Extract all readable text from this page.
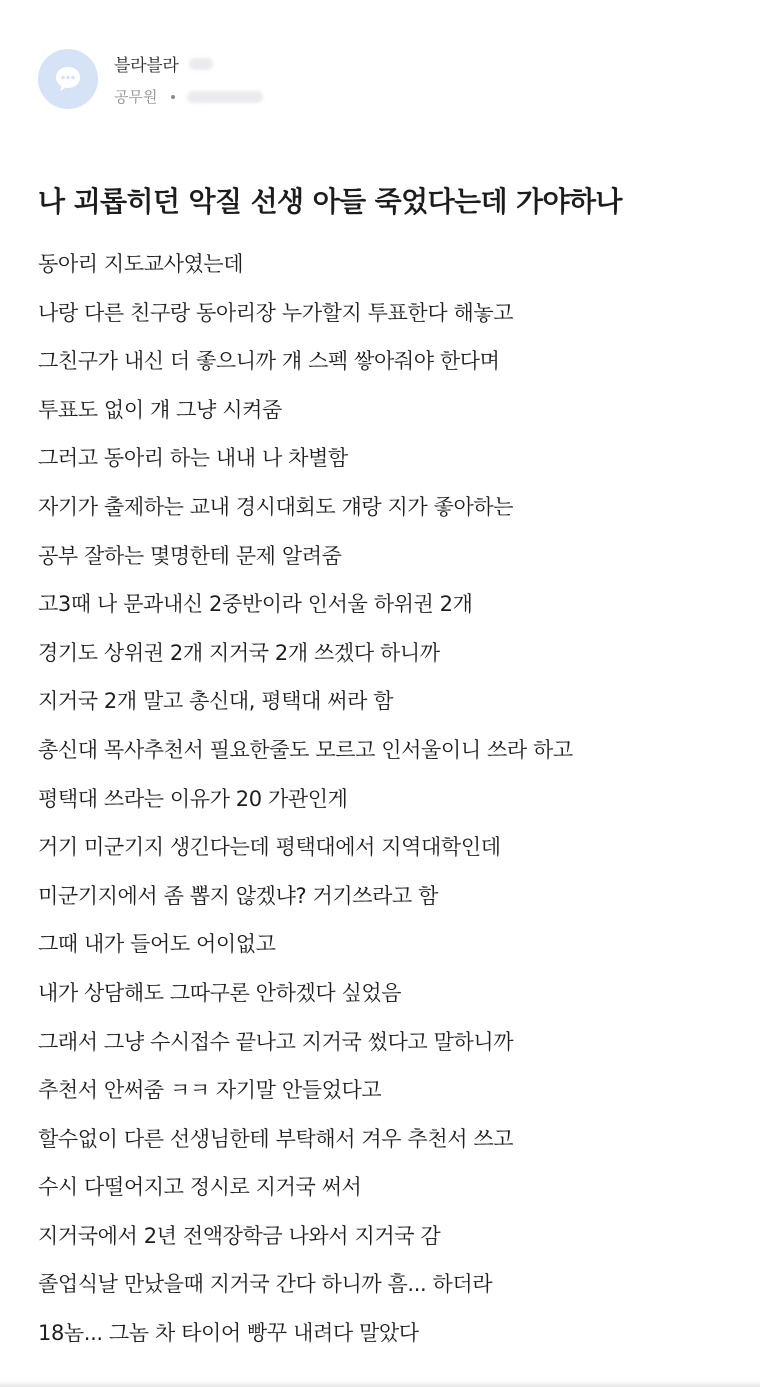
블라블라
공무원
나 괴롭히던 악질 선생 아들 죽었다는데 가야하나
동아리 지도교사였는데
나랑 다른 친구랑 동아리장 누가할지 투표한다 해놓고
그친구가 내신 더 좋으니까 걔 스펙 쌓아줘야 한다며
투표도 없이 걔 그냥 시켜줌
그러고 동아리 하는 내내 나 차별함
자기가 출제하는 교내 경시대회도 걔랑 지가 좋아하는
공부 잘하는 몇명한테 문제 알려줌
고3때 나 문과내신 2중반이라 인서울 하위권 2개
경기도 상위권 2개 지거국 2개 쓰겠다 하니까
지거국 2개 말고 총신대, 평택대 써라 함
총신대 목사추천서 필요한줄도 모르고 인서울이니 쓰라 하고
평택대 쓰라는 이유가 20 가관인게
거기 미군기지 생긴다는데 평택대에서 지역대학인데
미군기지에서 좀 뽑지 않겠냐? 거기쓰라고 함
그때 내가 들어도 어이없고
내가 상담해도 그따구론 안하겠다 싶었음
그래서 그냥 수시접수 끝나고 지거국 썼다고 말하니까
추천서 안써줌 ㅋㅋ 자기말 안들었다고
할수없이 다른 선생님한테 부탁해서 겨우 추천서 쓰고
수시 다떨어지고 정시로 지거국 써서
지거국에서 2년 전액장학금 나와서 지거국 감
졸업식날 만났을때 지거국 간다 하니까 흠... 하더라
18놈... 그놈 차 타이어 빵꾸 내려다 말았다
